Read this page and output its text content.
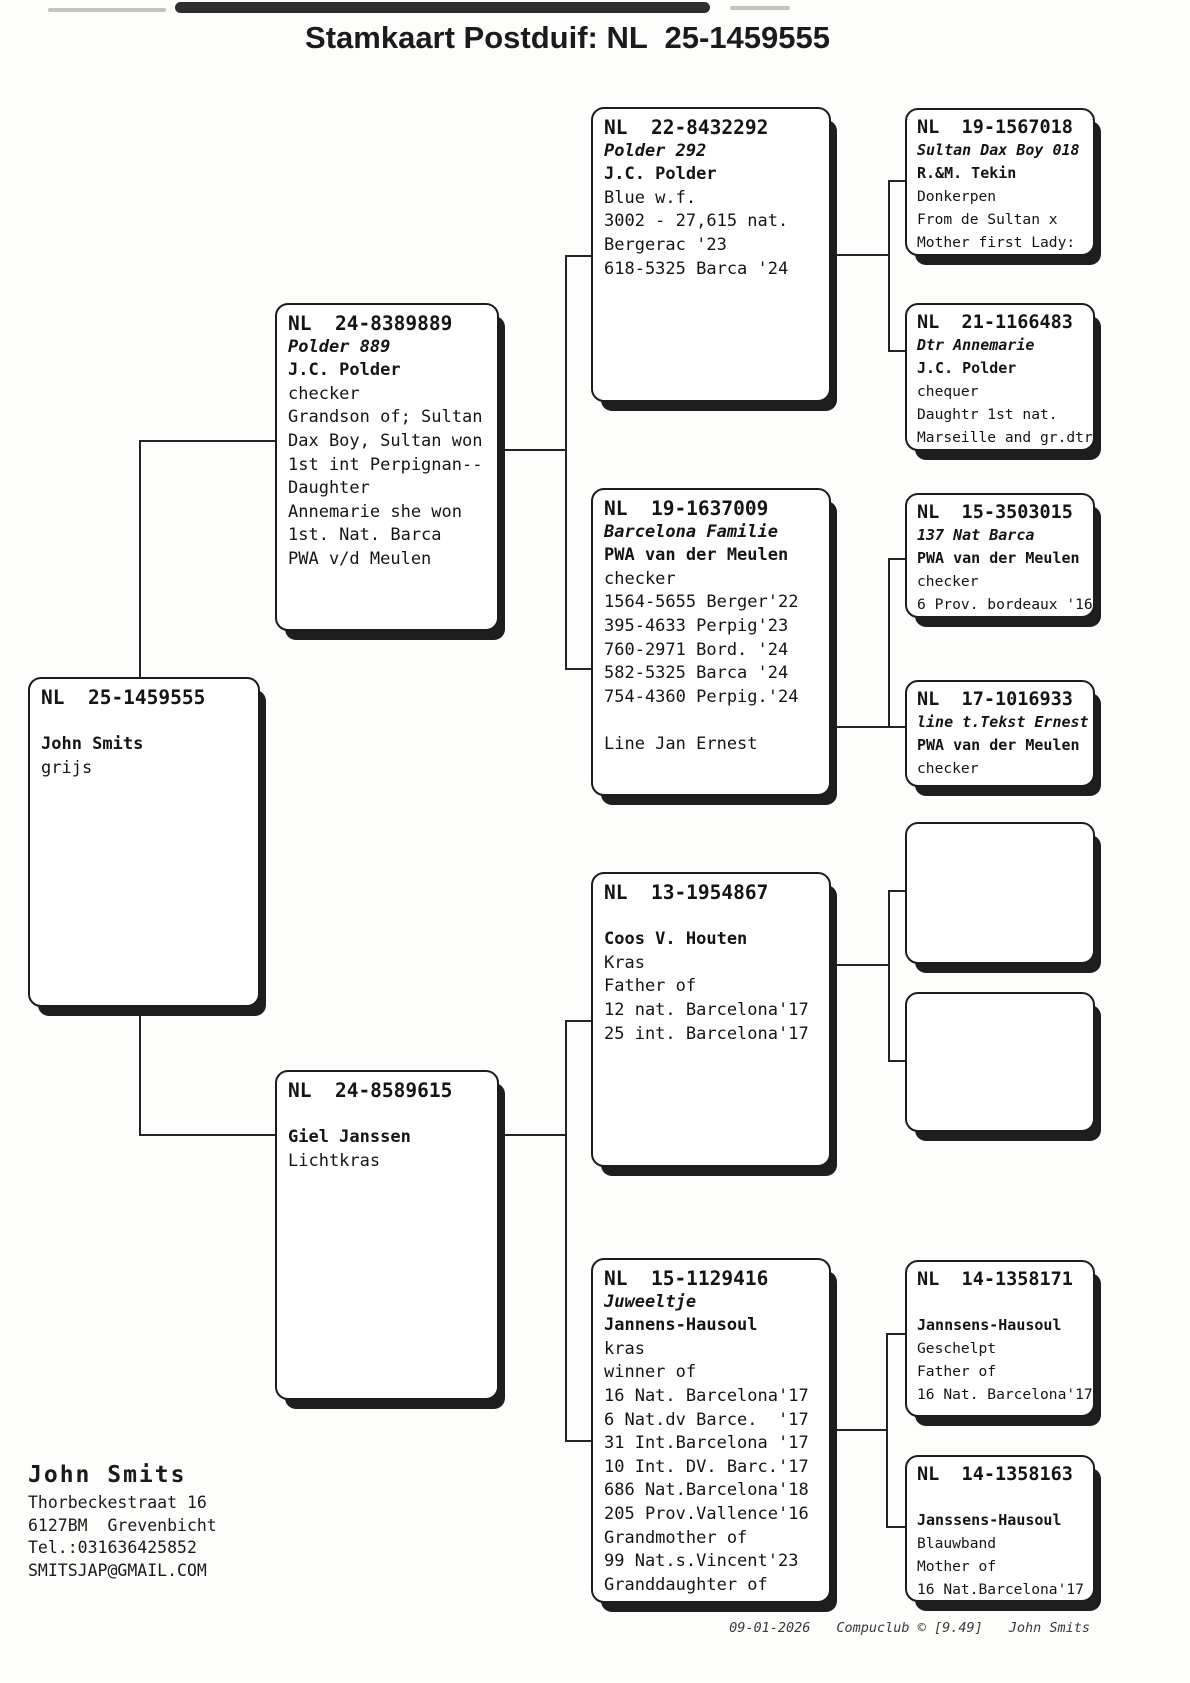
Stamkaart Postduif: NL  25-1459555
NL  25-1459555

John Smits
grijs
NL  24-8389889
Polder 889
J.C. Polder
checker
Grandson of; Sultan
Dax Boy, Sultan won
1st int Perpignan--
Daughter
Annemarie she won
1st. Nat. Barca
PWA v/d Meulen
NL  24-8589615

Giel Janssen
Lichtkras
NL  22-8432292
Polder 292
J.C. Polder
Blue w.f.
3002 - 27,615 nat.
Bergerac '23
618-5325 Barca '24
NL  19-1637009
Barcelona Familie
PWA van der Meulen
checker
1564-5655 Berger'22
395-4633 Perpig'23
760-2971 Bord. '24
582-5325 Barca '24
754-4360 Perpig.'24

Line Jan Ernest
NL  13-1954867

Coos V. Houten
Kras
Father of
12 nat. Barcelona'17
25 int. Barcelona'17
NL  15-1129416
Juweeltje
Jannens-Hausoul
kras
winner of
16 Nat. Barcelona'17
6 Nat.dv Barce.  '17
31 Int.Barcelona '17
10 Int. DV. Barc.'17
686 Nat.Barcelona'18
205 Prov.Vallence'16
Grandmother of
99 Nat.s.Vincent'23
Granddaughter of
NL  19-1567018
Sultan Dax Boy 018
R.&M. Tekin
Donkerpen
From de Sultan x
Mother first Lady:
NL  21-1166483
Dtr Annemarie
J.C. Polder
chequer
Daughtr 1st nat.
Marseille and gr.dtr
NL  15-3503015
137 Nat Barca
PWA van der Meulen
checker
6 Prov. bordeaux '16
NL  17-1016933
line t.Tekst Ernest
PWA van der Meulen
checker
NL  14-1358171

Jannsens-Hausoul
Geschelpt
Father of
16 Nat. Barcelona'17
NL  14-1358163

Janssens-Hausoul
Blauwband
Mother of
16 Nat.Barcelona'17
John Smits
Thorbeckestraat 16
6127BM  Grevenbicht
Tel.:031636425852
SMITSJAP@GMAIL.COM
09-01-2026 Compuclub © [9.49] John Smits
